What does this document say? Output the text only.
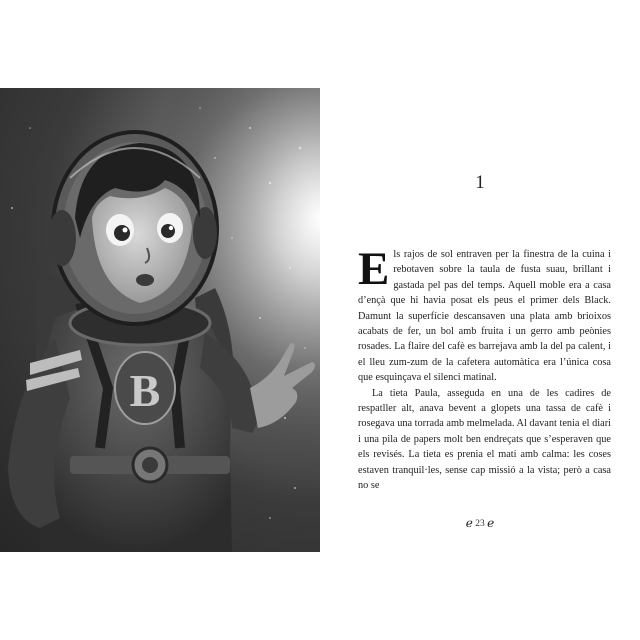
B
1

Els rajos de sol entraven per la finestra de la cuina i rebotaven sobre la taula de fusta suau, brillant i gastada pel pas del temps. Aquell moble era a casa d’ençà que hi havia posat els peus el primer dels Black. Damunt la superfície descansaven una plata amb brioixos acabats de fer, un bol amb fruita i un gerro amb peònies rosades. La flaire del cafè es barrejava amb la del pa calent, i el lleu zum-zum de la cafetera automàtica era l’única cosa que esquinçava el silenci matinal.

La tieta Paula, asseguda en una de les cadires de respatller alt, anava bevent a glopets una tassa de cafè i rosegava una torrada amb melmelada. Al davant tenia el diari i una pila de papers molt ben endreçats que s’esperaven que els revisés. La tieta es prenia el matí amb calma: les coses estaven tranquil·les, sense cap missió a la vista; però a casa no se

ℯ 23 ℯ
